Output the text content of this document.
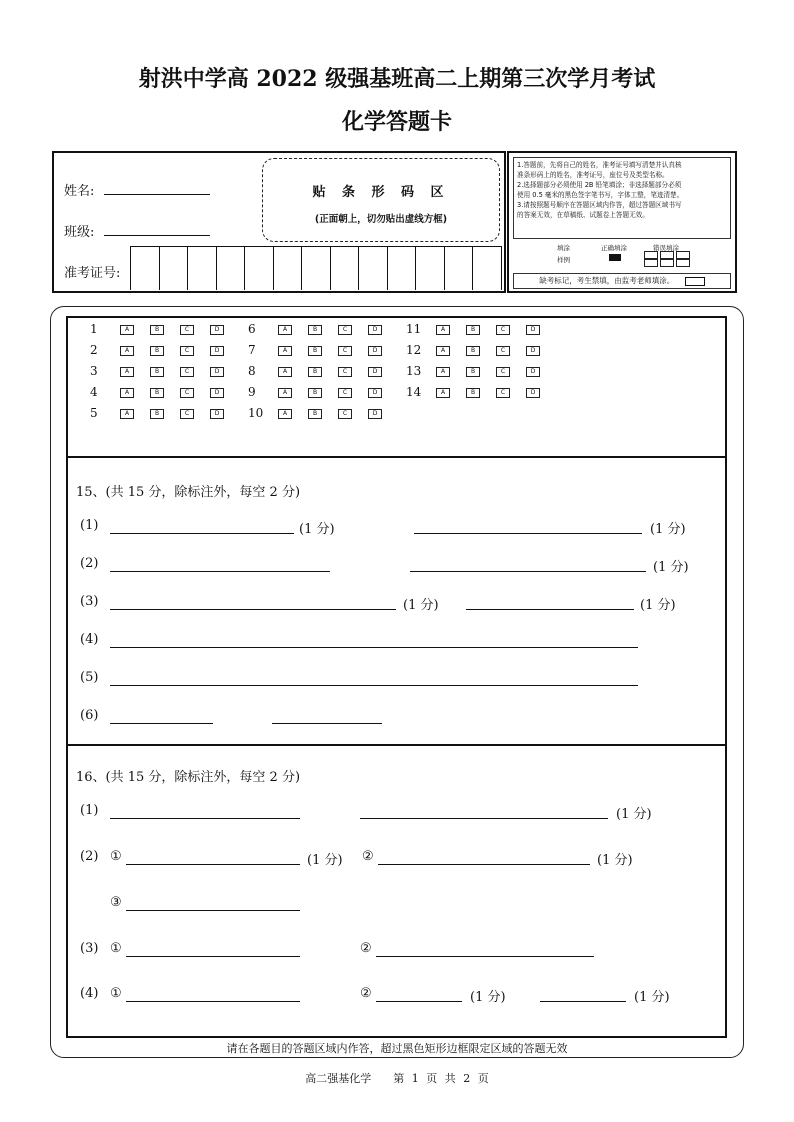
射洪中学高 2022 级强基班高二上期第三次学月考试
化学答题卡
姓名:
班级:
准考证号:
贴 条 形 码 区
(正面朝上，切勿贴出虚线方框)
1.答题前，先将自己的姓名，准考证号填写清楚并认真核
准条形码上的姓名，准考证号，座位号及类型名称。
2.选择题部分必须使用 2B 铅笔填涂；非选择题部分必须
使用 0.5 毫米的黑色签字笔书写，字体工整，笔迹清楚。
3.请按照题号顺序在答题区域内作答，超过答题区域书写
的答案无效，在草稿纸、试题卷上答题无效。
填涂
样例
正确填涂	错误填涂

缺考标记，考生禁填，由监考老师填涂。
1	A	B	C	D
2	A	B	C	D
3	A	B	C	D
4	A	B	C	D
5	A	B	C	D
6	A	B	C	D
7	A	B	C	D
8	A	B	C	D
9	A	B	C	D
10	A	B	C	D
11	A	B	C	D
12	A	B	C	D
13	A	B	C	D
14	A	B	C	D
15、(共 15 分，除标注外，每空 2 分)
(1)	(1 分)	(1 分)
(2)	(1 分)
(3)	(1 分)	(1 分)
(4)
(5)
(6)
16、(共 15 分，除标注外，每空 2 分)
(1)	(1 分)
(2) ①	(1 分) ②	(1 分)
③
(3) ①	②
(4) ①	②	(1 分)	(1 分)
请在各题目的答题区域内作答，超过黑色矩形边框限定区域的答题无效
高二强基化学　　第 1 页 共 2 页
